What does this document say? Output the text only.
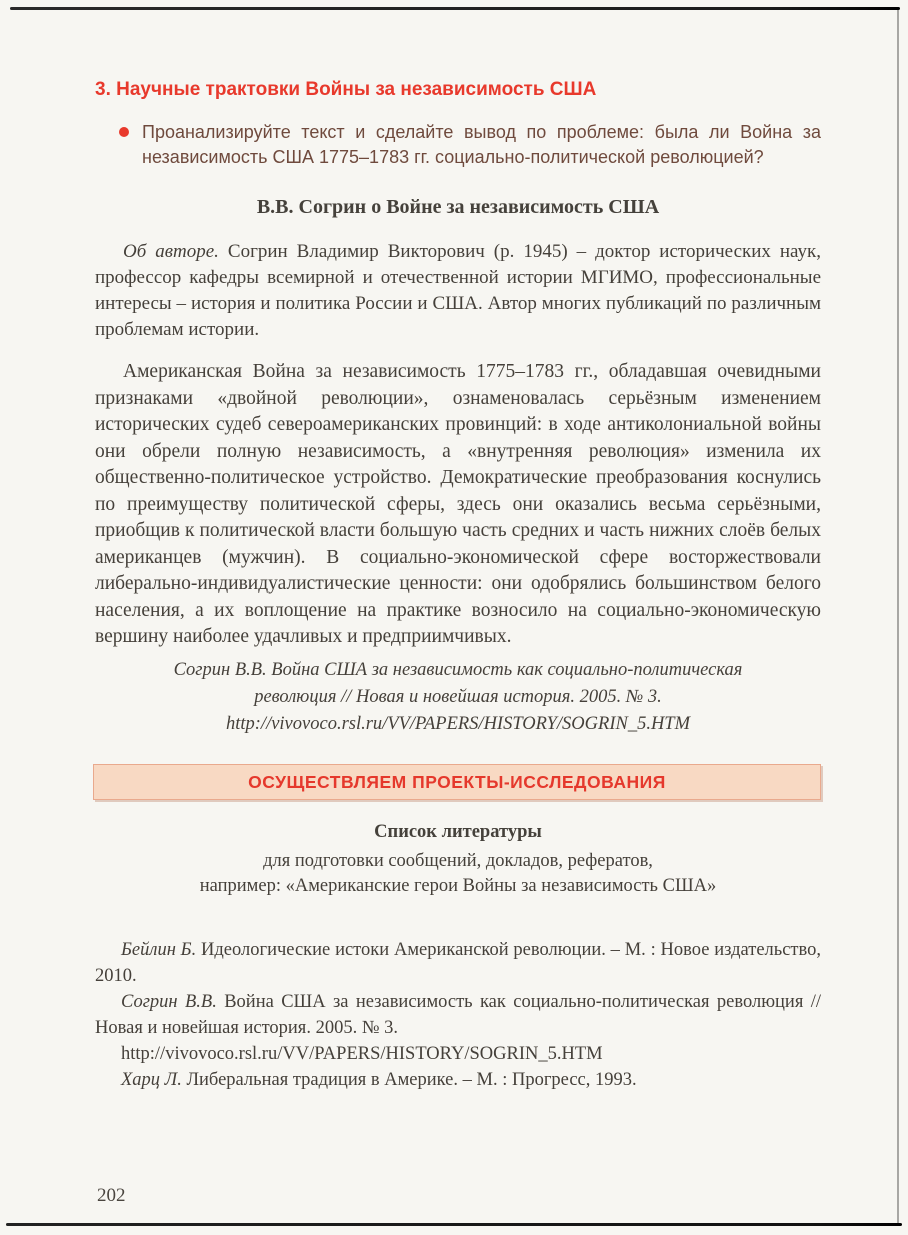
3. Научные трактовки Войны за независимость США

Проанализируйте текст и сделайте вывод по проблеме: была ли Война за независимость США 1775–1783 гг. социально-политической революцией?

В.В. Согрин о Войне за независимость США

Об авторе. Согрин Владимир Викторович (р. 1945) – доктор исторических наук, профессор кафедры всемирной и отечественной истории МГИМО, профессиональные интересы – история и политика России и США. Автор многих публикаций по различным проблемам истории.

Американская Война за независимость 1775–1783 гг., обладавшая очевидными признаками «двойной революции», ознаменовалась серьёзным изменением исторических судеб североамериканских провинций: в ходе антиколониальной войны они обрели полную независимость, а «внутренняя революция» изменила их общественно-политическое устройство. Демократические преобразования коснулись по преимуществу политической сферы, здесь они оказались весьма серьёзными, приобщив к политической власти большую часть средних и часть нижних слоёв белых американцев (мужчин). В социально-экономической сфере восторжествовали либерально-индивидуалистические ценности: они одобрялись большинством белого населения, а их воплощение на практике возносило на социально-экономическую вершину наиболее удачливых и предприимчивых.

Согрин В.В. Война США за независимость как социально-политическая
революция // Новая и новейшая история. 2005. № 3.
http://vivovoco.rsl.ru/VV/PAPERS/HISTORY/SOGRIN_5.HTM
ОСУЩЕСТВЛЯЕМ ПРОЕКТЫ-ИССЛЕДОВАНИЯ
Список литературы

для подготовки сообщений, докладов, рефератов,

например: «Американские герои Войны за независимость США»

Бейлин Б. Идеологические истоки Американской революции. – М. : Новое издательство, 2010.

Согрин В.В. Война США за независимость как социально-политическая революция // Новая и новейшая история. 2005. № 3.

http://vivovoco.rsl.ru/VV/PAPERS/HISTORY/SOGRIN_5.HTM

Харц Л. Либеральная традиция в Америке. – М. : Прогресс, 1993.

202
